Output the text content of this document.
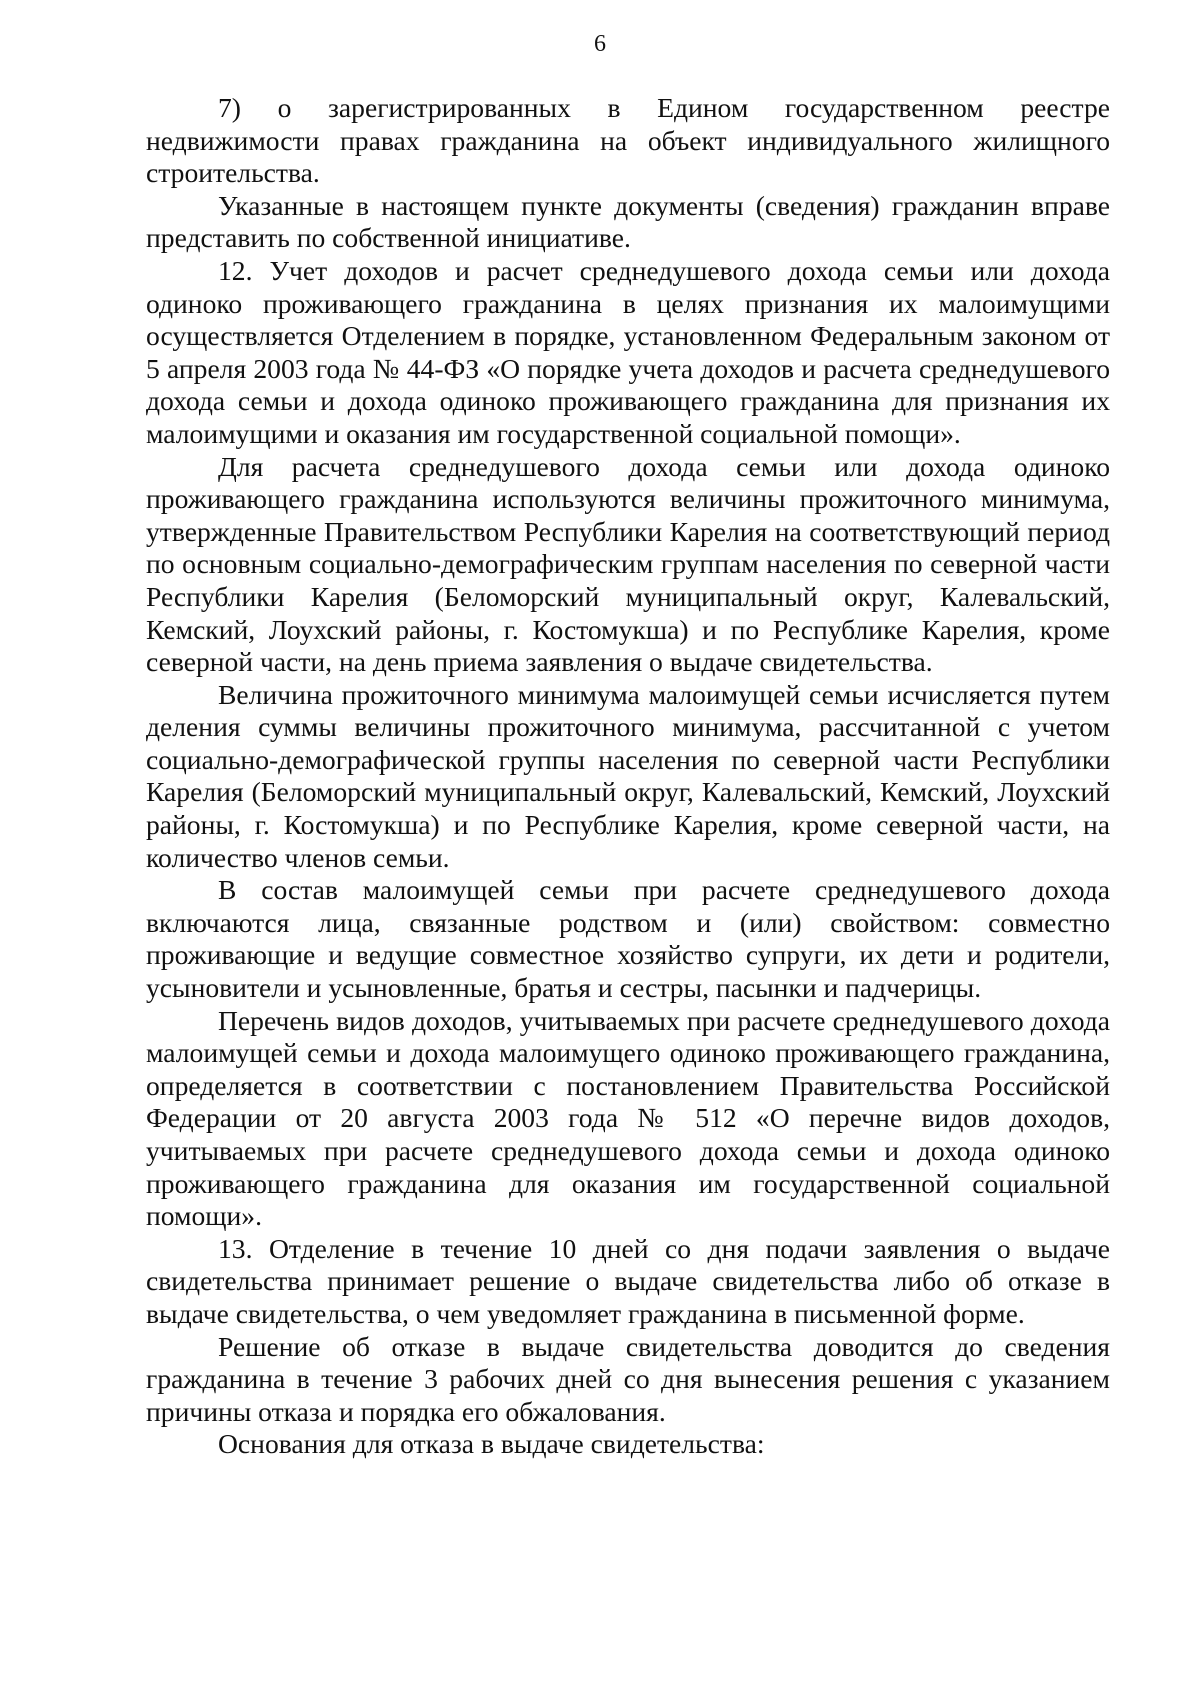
6

7) о зарегистрированных в Едином государственном реестре недвижимости правах гражданина на объект индивидуального жилищного строительства.

Указанные в настоящем пункте документы (сведения) гражданин вправе представить по собственной инициативе.

12. Учет доходов и расчет среднедушевого дохода семьи или дохода одиноко проживающего гражданина в целях признания их малоимущими осуществляется Отделением в порядке, установленном Федеральным законом от 5 апреля 2003 года № 44-ФЗ «О порядке учета доходов и расчета среднедушевого дохода семьи и дохода одиноко проживающего гражданина для признания их малоимущими и оказания им государственной социальной помощи».

Для расчета среднедушевого дохода семьи или дохода одиноко проживающего гражданина используются величины прожиточного минимума, утвержденные Правительством Республики Карелия на соответствующий период по основным социально-демографическим группам населения по северной части Республики Карелия (Беломорский муниципальный округ, Калевальский, Кемский, Лоухский районы, г. Костомукша) и по Республике Карелия, кроме северной части, на день приема заявления о выдаче свидетельства.

Величина прожиточного минимума малоимущей семьи исчисляется путем деления суммы величины прожиточного минимума, рассчитанной с учетом социально-демографической группы населения по северной части Республики Карелия (Беломорский муниципальный округ, Калевальский, Кемский, Лоухский районы, г. Костомукша) и по Республике Карелия, кроме северной части, на количество членов семьи.

В состав малоимущей семьи при расчете среднедушевого дохода включаются лица, связанные родством и (или) свойством: совместно проживающие и ведущие совместное хозяйство супруги, их дети и родители, усыновители и усыновленные, братья и сестры, пасынки и падчерицы.

Перечень видов доходов, учитываемых при расчете среднедушевого дохода малоимущей семьи и дохода малоимущего одиноко проживающего гражданина, определяется в соответствии с постановлением Правительства Российской Федерации от 20 августа 2003 года № 512 «О перечне видов доходов, учитываемых при расчете среднедушевого дохода семьи и дохода одиноко проживающего гражданина для оказания им государственной социальной помощи».

13. Отделение в течение 10 дней со дня подачи заявления о выдаче свидетельства принимает решение о выдаче свидетельства либо об отказе в выдаче свидетельства, о чем уведомляет гражданина в письменной форме.

Решение об отказе в выдаче свидетельства доводится до сведения гражданина в течение 3 рабочих дней со дня вынесения решения с указанием причины отказа и порядка его обжалования.

Основания для отказа в выдаче свидетельства:
